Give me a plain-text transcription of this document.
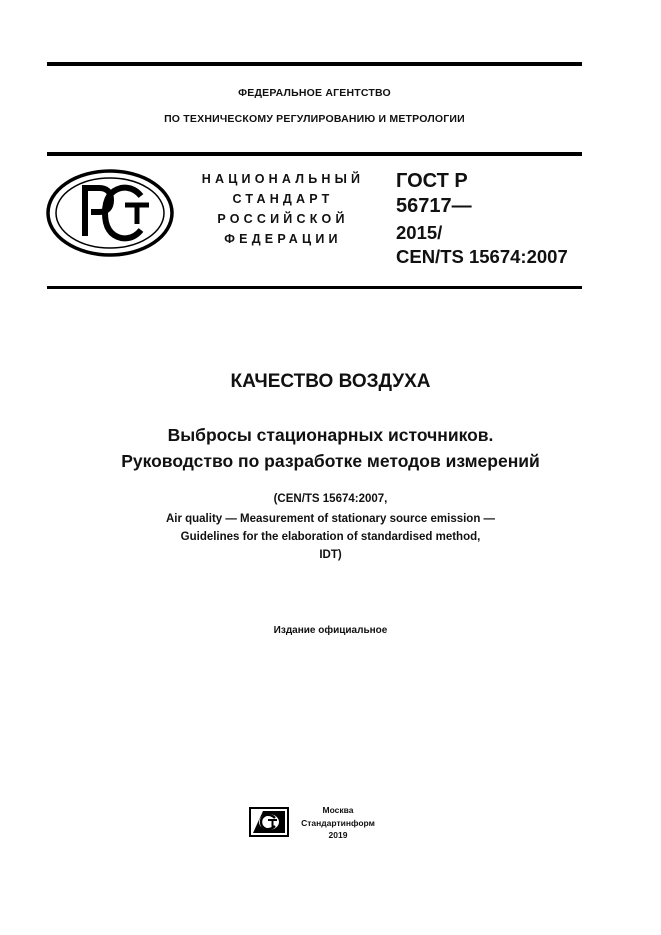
ФЕДЕРАЛЬНОЕ АГЕНТСТВО
ПО ТЕХНИЧЕСКОМУ РЕГУЛИРОВАНИЮ И МЕТРОЛОГИИ
НАЦИОНАЛЬНЫЙ
СТАНДАРТ
РОССИЙСКОЙ
ФЕДЕРАЦИИ
ГОСТ Р
56717—
2015/
CEN/TS 15674:2007
КАЧЕСТВО ВОЗДУХА
Выбросы стационарных источников.
Руководство по разработке методов измерений
(CEN/TS 15674:2007,
Air quality — Measurement of stationary source emission —
Guidelines for the elaboration of standardised method,
IDT)
Издание официальное
Москва
Стандартинформ
2019
